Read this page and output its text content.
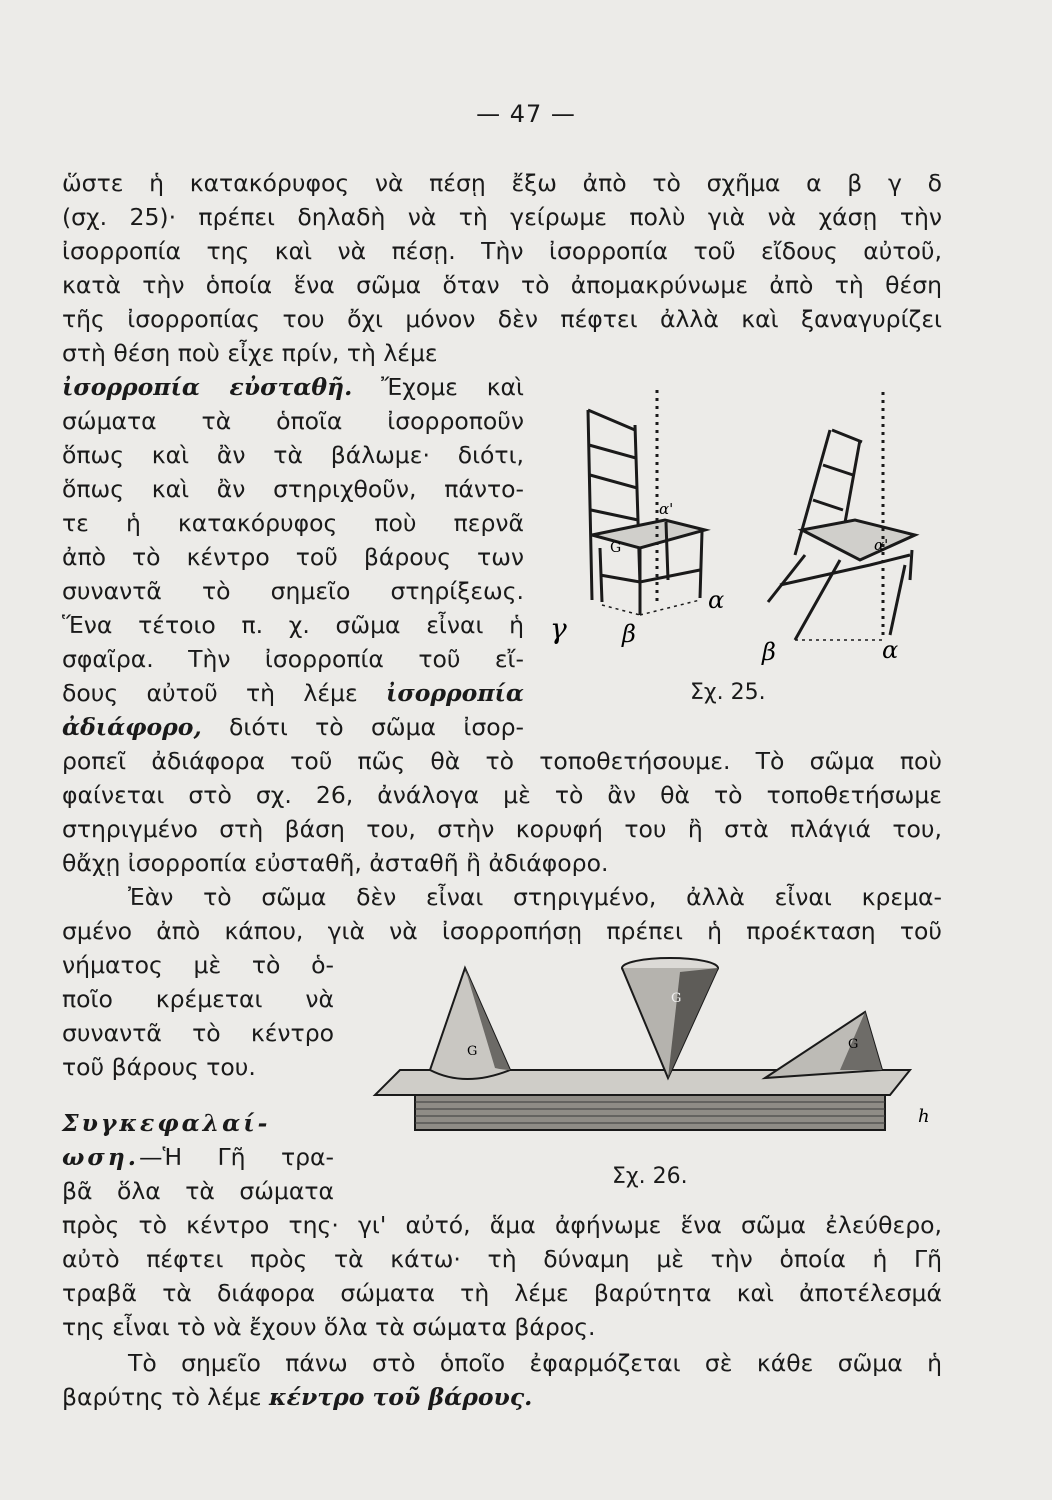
— 47 —
ὥστε ἡ κατακόρυφος νὰ πέσῃ ἔξω ἀπὸ τὸ σχῆμα α β γ δ
(σχ. 25)· πρέπει δηλαδὴ νὰ τὴ γείρωμε πολὺ γιὰ νὰ χάσῃ τὴν
ἰσορροπία της καὶ νὰ πέσῃ. Τὴν ἰσορροπία τοῦ εἴδους αὐτοῦ,
κατὰ τὴν ὁποία ἕνα σῶμα ὅταν τὸ ἀπομακρύνωμε ἀπὸ τὴ θέση
τῆς ἰσορροπίας του ὄχι μόνον δὲν πέφτει ἀλλὰ καὶ ξαναγυρίζει
στὴ θέση ποὺ εἶχε πρίν, τὴ λέμε
ἰσορροπία εὐσταθῆ. Ἔχομε καὶ
σώματα τὰ ὁποῖα ἰσορροποῦν
ὅπως καὶ ἂν τὰ βάλωμε· διότι,
ὅπως καὶ ἂν στηριχθοῦν, πάντο-
τε ἡ κατακόρυφος ποὺ περνᾶ
ἀπὸ τὸ κέντρο τοῦ βάρους των
συναντᾶ τὸ σημεῖο στηρίξεως.
Ἕνα τέτοιο π. χ. σῶμα εἶναι ἡ
σφαῖρα. Τὴν ἰσορροπία τοῦ εἴ-
δους αὐτοῦ τὴ λέμε ἰσορροπία
ἀδιάφορο, διότι τὸ σῶμα ἰσορ-
ροπεῖ ἀδιάφορα τοῦ πῶς θὰ τὸ τοποθετήσουμε. Τὸ σῶμα ποὺ
φαίνεται στὸ σχ. 26, ἀνάλογα μὲ τὸ ἂν θὰ τὸ τοποθετήσωμε
στηριγμένο στὴ βάση του, στὴν κορυφή του ἢ στὰ πλάγιά του,
θἄχῃ ἰσορροπία εὐσταθῆ, ἀσταθῆ ἢ ἀδιάφορο.
Ἐὰν τὸ σῶμα δὲν εἶναι στηριγμένο, ἀλλὰ εἶναι κρεμα-
σμένο ἀπὸ κάπου, γιὰ νὰ ἰσορροπήσῃ πρέπει ἡ προέκταση τοῦ
νήματος μὲ τὸ ὁ-
ποῖο κρέμεται νὰ
συναντᾶ τὸ κέντρο
τοῦ βάρους του.
Συγκεφαλαί-
ωση.—Ἡ Γῆ τρα-
βᾶ ὅλα τὰ σώματα
πρὸς τὸ κέντρο της· γι' αὐτό, ἅμα ἀφήνωμε ἕνα σῶμα ἐλεύθερο,
αὐτὸ πέφτει πρὸς τὰ κάτω· τὴ δύναμη μὲ τὴν ὁποία ἡ Γῆ
τραβᾶ τὰ διάφορα σώματα τὴ λέμε βαρύτητα καὶ ἀποτέλεσμά
της εἶναι τὸ νὰ ἔχουν ὅλα τὰ σώματα βάρος.
Τὸ σημεῖο πάνω στὸ ὁποῖο ἐφαρμόζεται σὲ κάθε σῶμα ἡ
βαρύτης τὸ λέμε κέντρο τοῦ βάρους.
α'
G	α'
γ β
α
β	α
Σχ. 25.
G
G
G
h
Σχ. 26.
